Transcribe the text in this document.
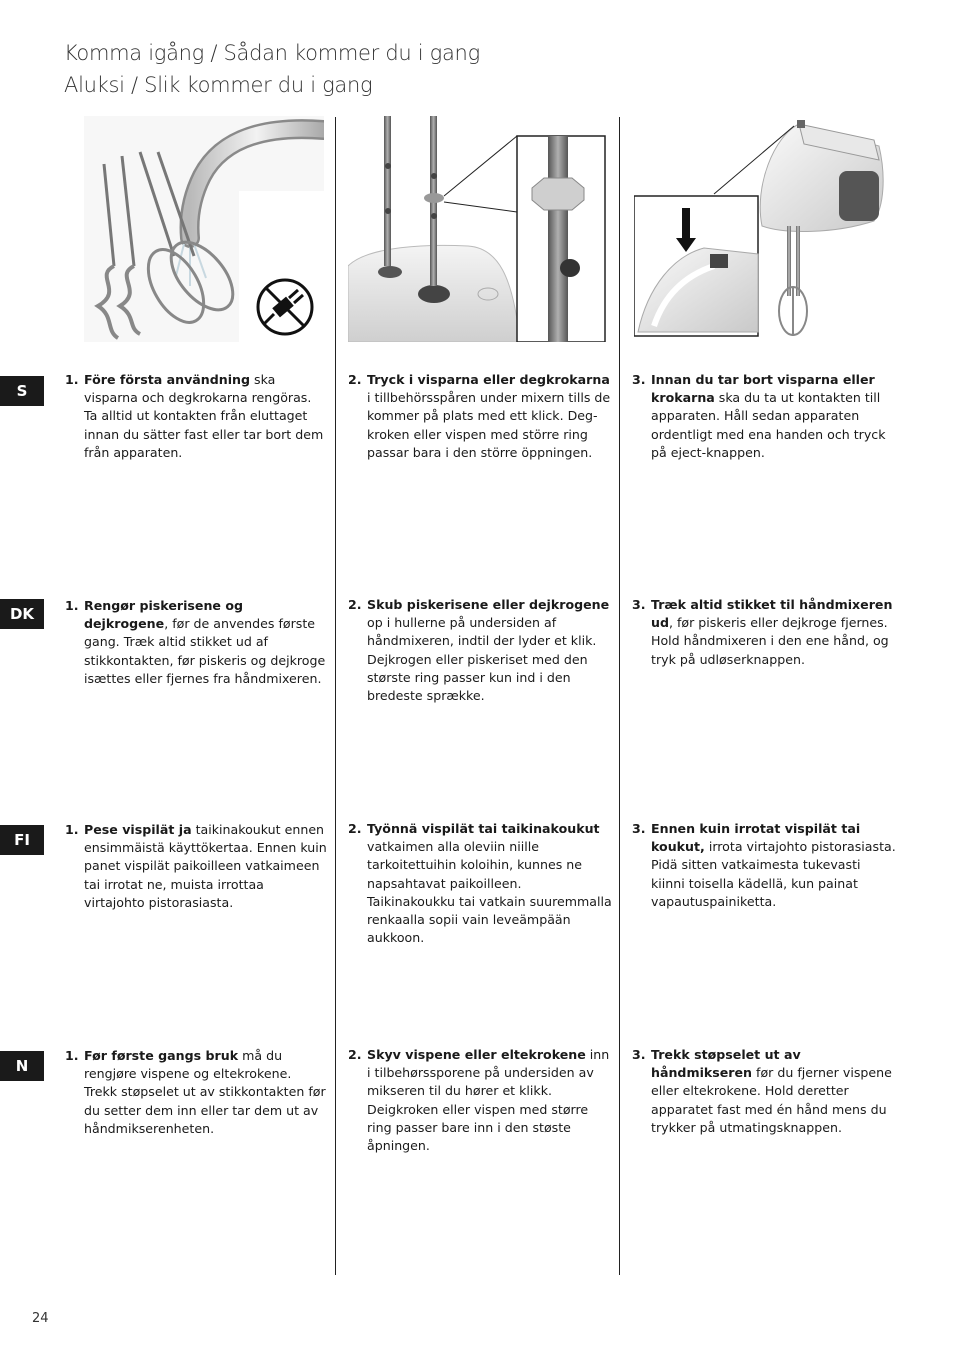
Komma igång / Sådan kommer du i gang
Aluksi / Slik kommer du i gang
S
DK
FI
N
1. Före första användning ska visparna och degkrokarna rengöras. Ta alltid ut kontakten från eluttaget innan du sätter fast eller tar bort dem från apparaten.
2. Tryck i visparna eller degkrokarna i tillbehörsspåren under mixern tills de kommer på plats med ett klick. Deg-kroken eller vispen med större ring passar bara i den större öppningen.
3. Innan du tar bort visparna eller krokarna ska du ta ut kontakten till apparaten. Håll sedan apparaten ordentligt med ena handen och tryck på eject-knappen.
1. Rengør piskerisene og dejkrogene, før de anvendes første gang. Træk altid stikket ud af stikkontakten, før piskeris og dejkroge isættes eller fjernes fra håndmixeren.
2. Skub piskerisene eller dejkrogene op i hullerne på undersiden af håndmixeren, indtil der lyder et klik. Dejkrogen eller piskeriset med den største ring passer kun ind i den bredeste sprække.
3. Træk altid stikket til håndmixeren ud, før piskeris eller dejkroge fjernes. Hold håndmixeren i den ene hånd, og tryk på udløserknappen.
1. Pese vispilät ja taikinakoukut ennen ensimmäistä käyttökertaa. Ennen kuin panet vispilät paikoilleen vatkaimeen tai irrotat ne, muista irrottaa virtajohto pistorasiasta.
2. Työnnä vispilät tai taikinakoukut vatkaimen alla oleviin niille tarkoitettuihin koloihin, kunnes ne napsahtavat paikoilleen. Taikinakoukku tai vatkain suuremmalla renkaalla sopii vain leveämpään aukkoon.
3. Ennen kuin irrotat vispilät tai koukut, irrota virtajohto pistorasiasta. Pidä sitten vatkaimesta tukevasti kiinni toisella kädellä, kun painat vapautuspainiketta.
1. Før første gangs bruk må du rengjøre vispene og eltekrokene. Trekk støpselet ut av stikkontakten før du setter dem inn eller tar dem ut av håndmikserenheten.
2. Skyv vispene eller eltekrokene inn i tilbehørssporene på undersiden av mikseren til du hører et klikk. Deigkroken eller vispen med større ring passer bare inn i den støste åpningen.
3. Trekk støpselet ut av håndmikseren før du fjerner vispene eller eltekrokene. Hold deretter apparatet fast med én hånd mens du trykker på utmatingsknappen.
24
